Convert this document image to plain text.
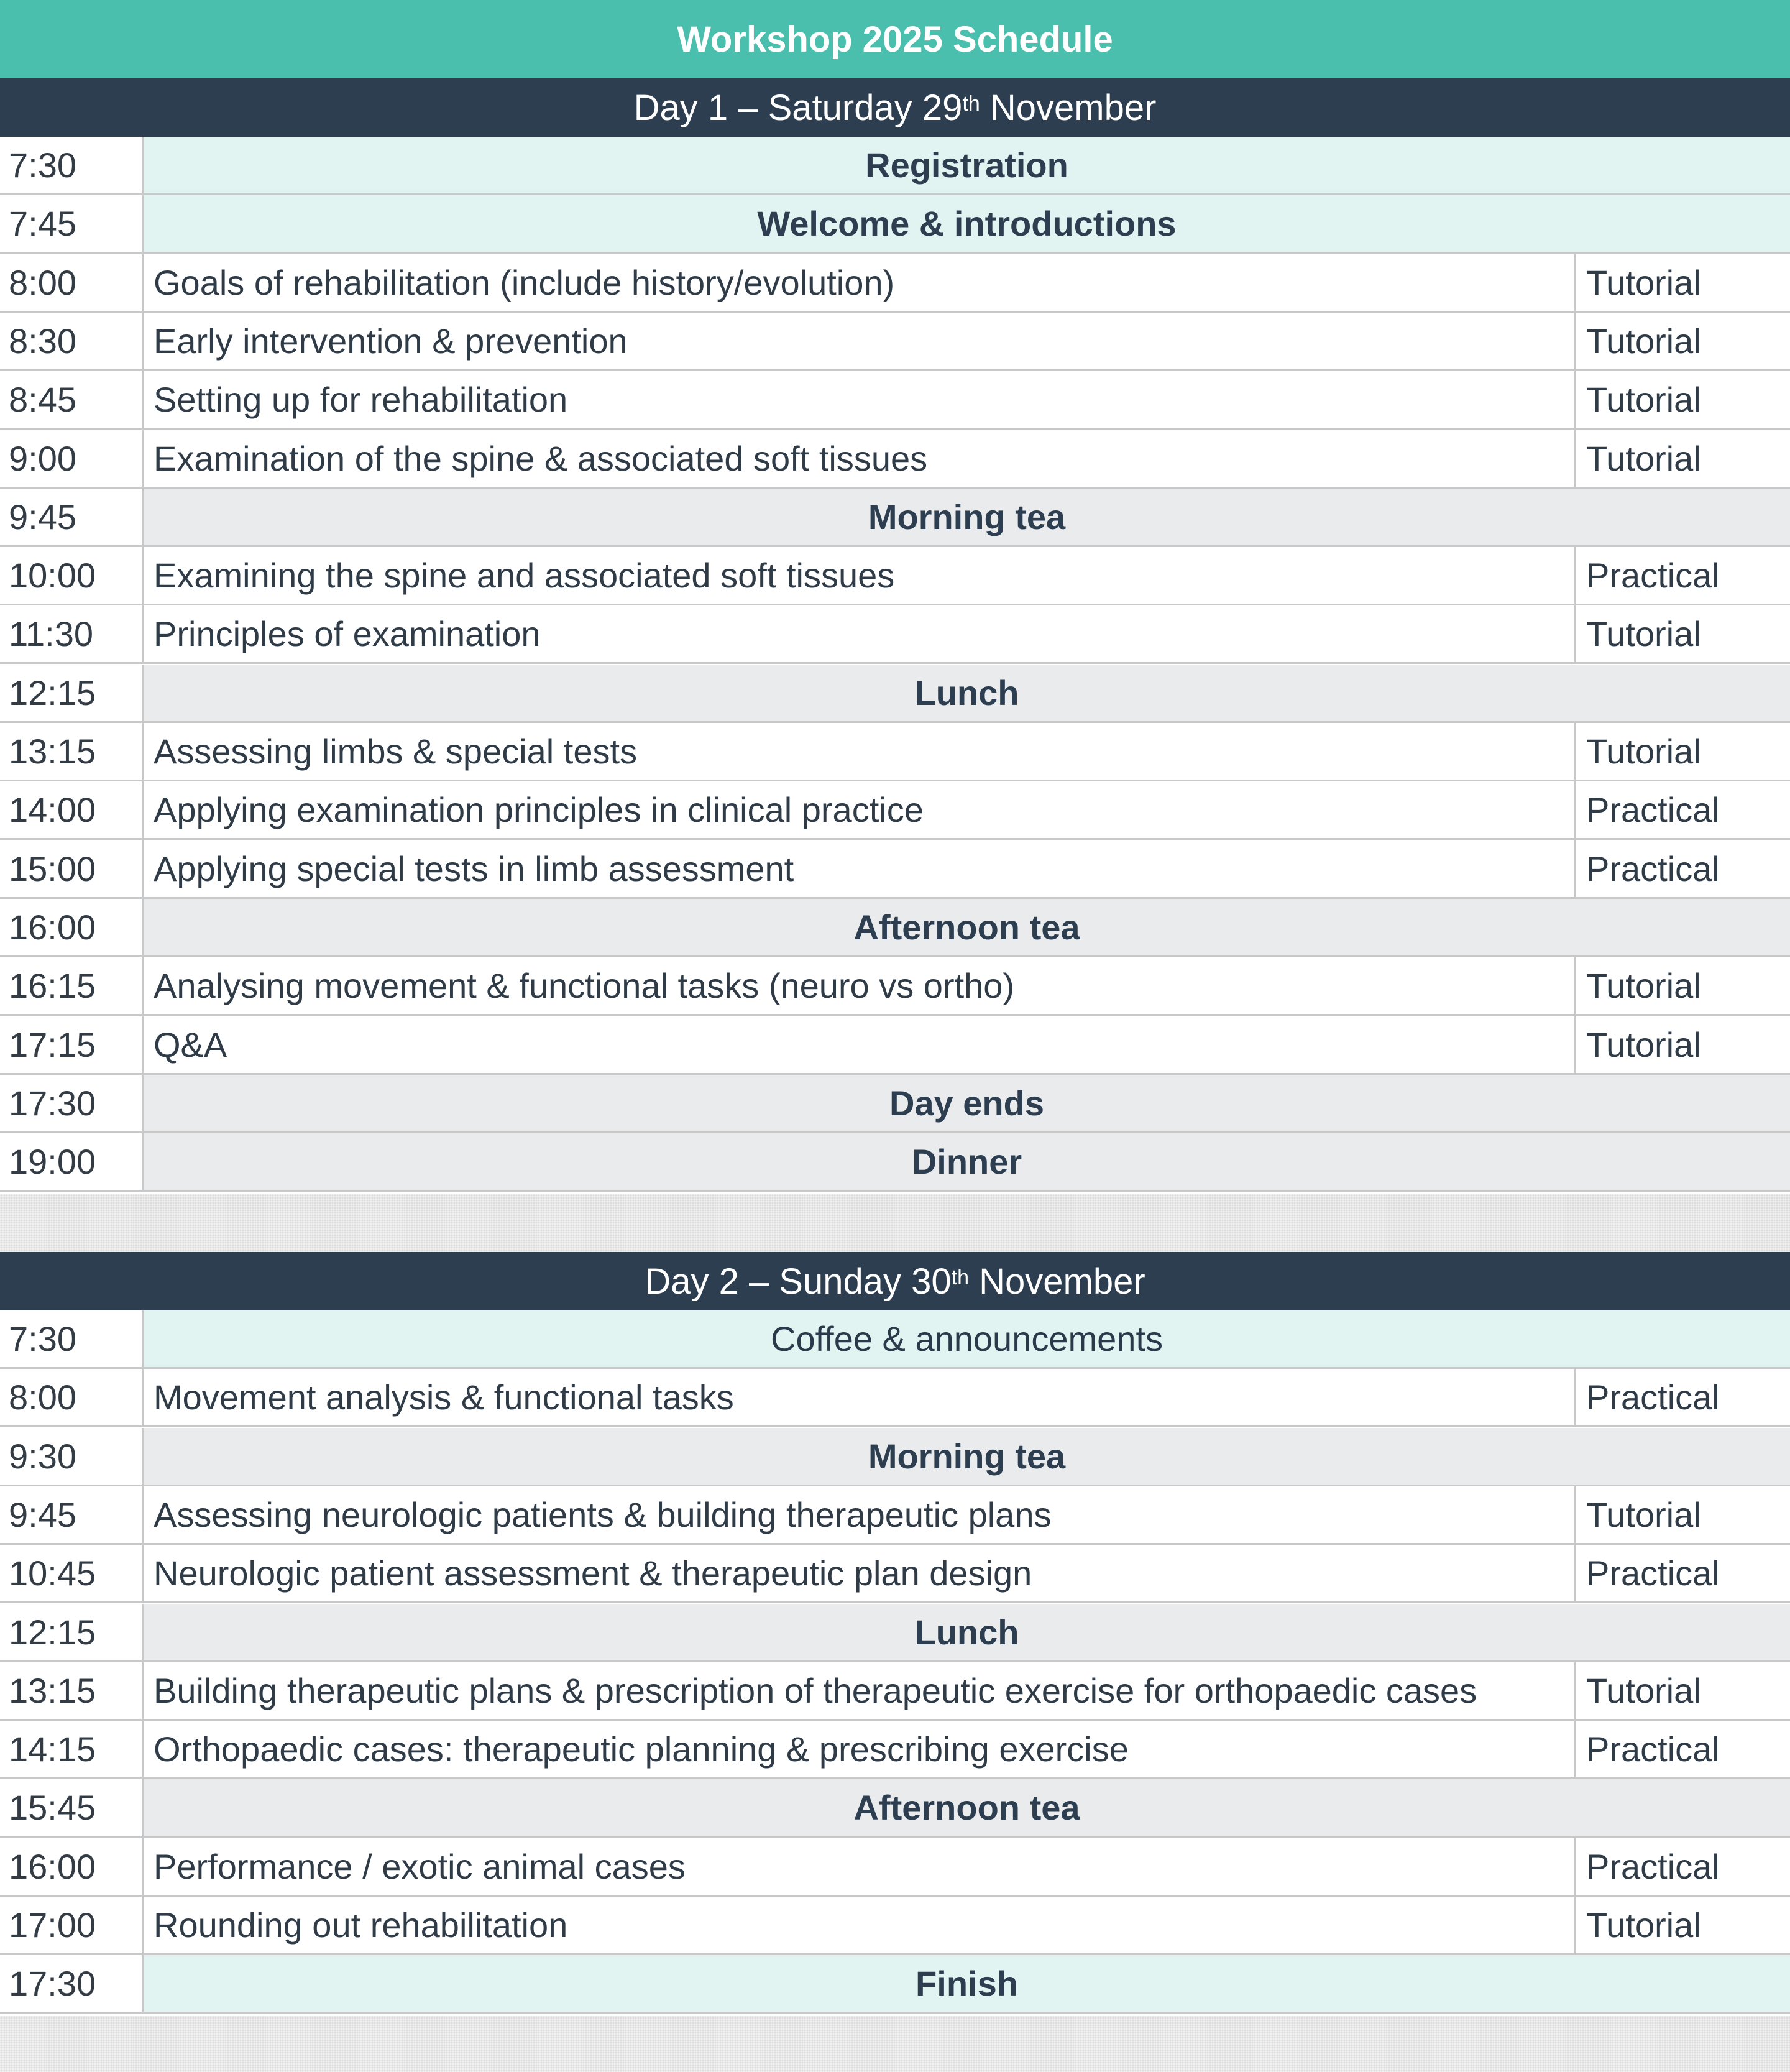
Workshop 2025 Schedule
Day 1 – Saturday 29th November
7:30	Registration
7:45	Welcome & introductions
8:00	Goals of rehabilitation (include history/evolution)	Tutorial
8:30	Early intervention & prevention	Tutorial
8:45	Setting up for rehabilitation	Tutorial
9:00	Examination of the spine & associated soft tissues	Tutorial
9:45	Morning tea
10:00	Examining the spine and associated soft tissues	Practical
11:30	Principles of examination	Tutorial
12:15	Lunch
13:15	Assessing limbs & special tests	Tutorial
14:00	Applying examination principles in clinical practice	Practical
15:00	Applying special tests in limb assessment	Practical
16:00	Afternoon tea
16:15	Analysing movement & functional tasks (neuro vs ortho)	Tutorial
17:15	Q&A	Tutorial
17:30	Day ends
19:00	Dinner
Day 2 – Sunday 30th November
7:30	Coffee & announcements
8:00	Movement analysis & functional tasks	Practical
9:30	Morning tea
9:45	Assessing neurologic patients & building therapeutic plans	Tutorial
10:45	Neurologic patient assessment & therapeutic plan design	Practical
12:15	Lunch
13:15	Building therapeutic plans & prescription of therapeutic exercise for orthopaedic cases	Tutorial
14:15	Orthopaedic cases: therapeutic planning & prescribing exercise	Practical
15:45	Afternoon tea
16:00	Performance / exotic animal cases	Practical
17:00	Rounding out rehabilitation	Tutorial
17:30	Finish
